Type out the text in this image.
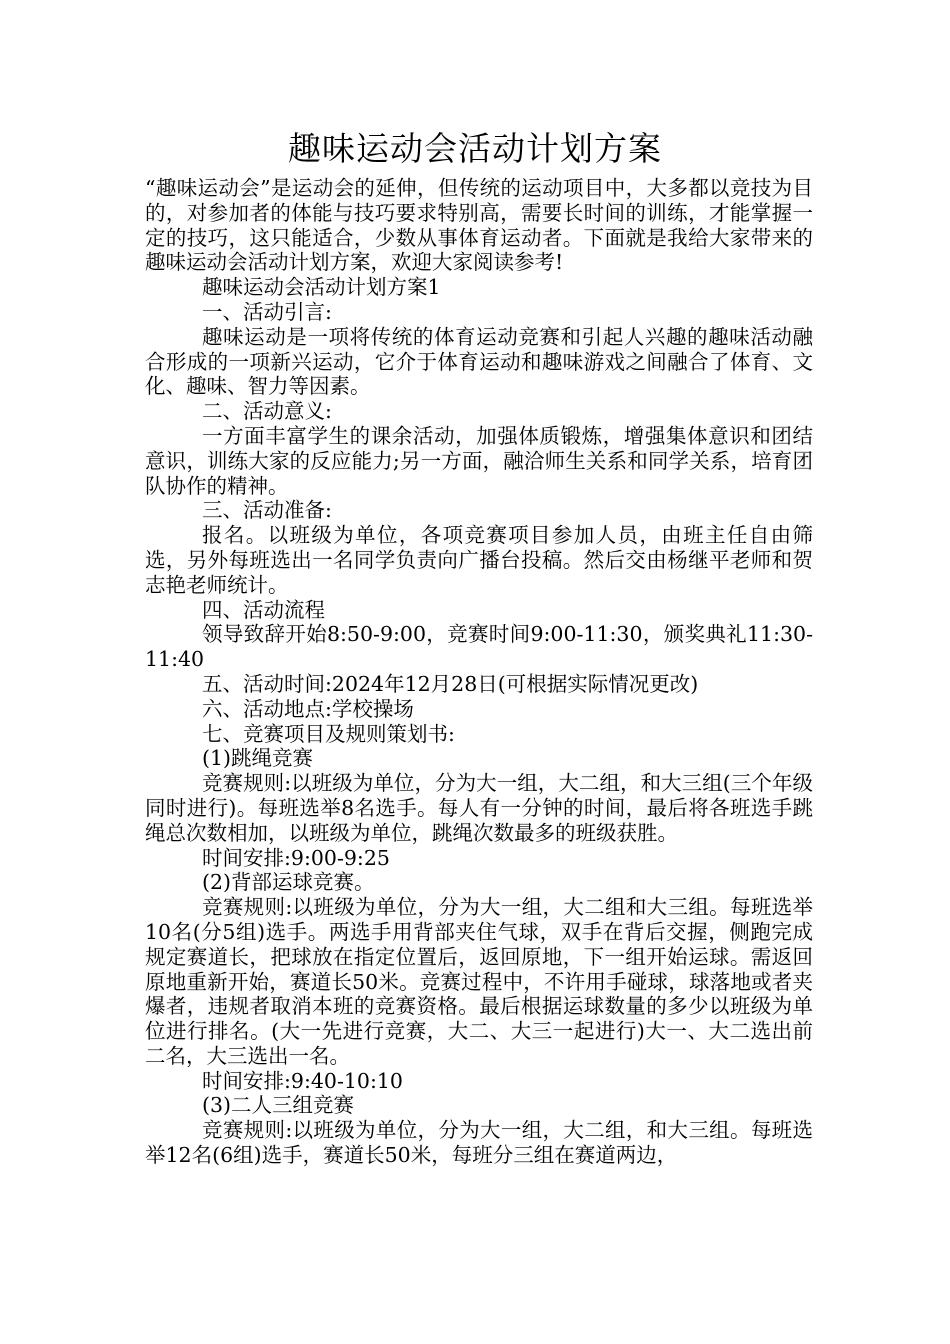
趣味运动会活动计划方案

“趣味运动会”是运动会的延伸，但传统的运动项目中，大多都以竞技为目的，对参加者的体能与技巧要求特别高，需要长时间的训练，才能掌握一定的技巧，这只能适合，少数从事体育运动者。下面就是我给大家带来的趣味运动会活动计划方案，欢迎大家阅读参考!

趣味运动会活动计划方案1

一、活动引言:

趣味运动是一项将传统的体育运动竞赛和引起人兴趣的趣味活动融合形成的一项新兴运动，它介于体育运动和趣味游戏之间融合了体育、文化、趣味、智力等因素。

二、活动意义:

一方面丰富学生的课余活动，加强体质锻炼，增强集体意识和团结意识，训练大家的反应能力;另一方面，融洽师生关系和同学关系，培育团队协作的精神。

三、活动准备:

报名。以班级为单位，各项竞赛项目参加人员，由班主任自由筛选，另外每班选出一名同学负责向广播台投稿。然后交由杨继平老师和贺志艳老师统计。

四、活动流程

领导致辞开始8:50-9:00，竞赛时间9:00-11:30，颁奖典礼11:30-11:40

五、活动时间:2024年12月28日(可根据实际情况更改)

六、活动地点:学校操场

七、竞赛项目及规则策划书:

(1)跳绳竞赛

竞赛规则:以班级为单位，分为大一组，大二组，和大三组(三个年级同时进行)。每班选举8名选手。每人有一分钟的时间，最后将各班选手跳绳总次数相加，以班级为单位，跳绳次数最多的班级获胜。

时间安排:9:00-9:25

(2)背部运球竞赛。

竞赛规则:以班级为单位，分为大一组，大二组和大三组。每班选举10名(分5组)选手。两选手用背部夹住气球，双手在背后交握，侧跑完成规定赛道长，把球放在指定位置后，返回原地，下一组开始运球。需返回原地重新开始，赛道长50米。竞赛过程中，不许用手碰球，球落地或者夹爆者，违规者取消本班的竞赛资格。最后根据运球数量的多少以班级为单位进行排名。(大一先进行竞赛，大二、大三一起进行)大一、大二选出前二名，大三选出一名。

时间安排:9:40-10:10

(3)二人三组竞赛

竞赛规则:以班级为单位，分为大一组，大二组，和大三组。每班选举12名(6组)选手，赛道长50米，每班分三组在赛道两边，
